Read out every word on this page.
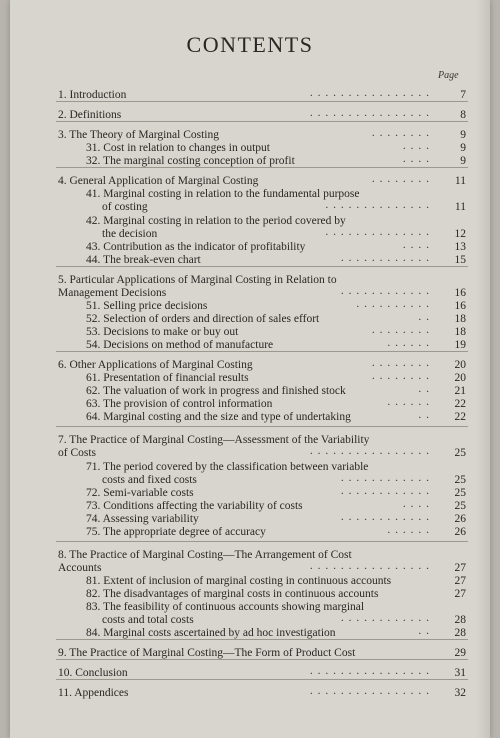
CONTENTS
Page
1. Introduction	. . . . . . . . . . . . . . . .	7
2. Definitions	. . . . . . . . . . . . . . . .	8
3. The Theory of Marginal Costing	. . . . . . . .	9
31. Cost in relation to changes in output	. . . .	9
32. The marginal costing conception of profit	. . . .	9
4. General Application of Marginal Costing	. . . . . . . .	11
41. Marginal costing in relation to the fundamental purpose
of costing	. . . . . . . . . . . . . .	11
42. Marginal costing in relation to the period covered by
the decision	. . . . . . . . . . . . . .	12
43. Contribution as the indicator of profitability	. . . .	13
44. The break-even chart	. . . . . . . . . . . .	15
5. Particular Applications of Marginal Costing in Relation to
Management Decisions	. . . . . . . . . . . .	16
51. Selling price decisions	. . . . . . . . . .	16
52. Selection of orders and direction of sales effort	. .	18
53. Decisions to make or buy out	. . . . . . . .	18
54. Decisions on method of manufacture	. . . . . .	19
6. Other Applications of Marginal Costing	. . . . . . . .	20
61. Presentation of financial results	. . . . . . . .	20
62. The valuation of work in progress and finished stock	. .	21
63. The provision of control information	. . . . . .	22
64. Marginal costing and the size and type of undertaking	. .	22
7. The Practice of Marginal Costing—Assessment of the Variability
of Costs	. . . . . . . . . . . . . . . .	25
71. The period covered by the classification between variable
costs and fixed costs	. . . . . . . . . . . .	25
72. Semi-variable costs	. . . . . . . . . . . .	25
73. Conditions affecting the variability of costs	. . . .	25
74. Assessing variability	. . . . . . . . . . . .	26
75. The appropriate degree of accuracy	. . . . . .	26
8. The Practice of Marginal Costing—The Arrangement of Cost
Accounts	. . . . . . . . . . . . . . . .	27
81. Extent of inclusion of marginal costing in continuous accounts	27
82. The disadvantages of marginal costs in continuous accounts	27
83. The feasibility of continuous accounts showing marginal
costs and total costs	. . . . . . . . . . . .	28
84. Marginal costs ascertained by ad hoc investigation	. .	28
9. The Practice of Marginal Costing—The Form of Product Cost	29
10. Conclusion	. . . . . . . . . . . . . . . .	31
11. Appendices	. . . . . . . . . . . . . . . .	32
